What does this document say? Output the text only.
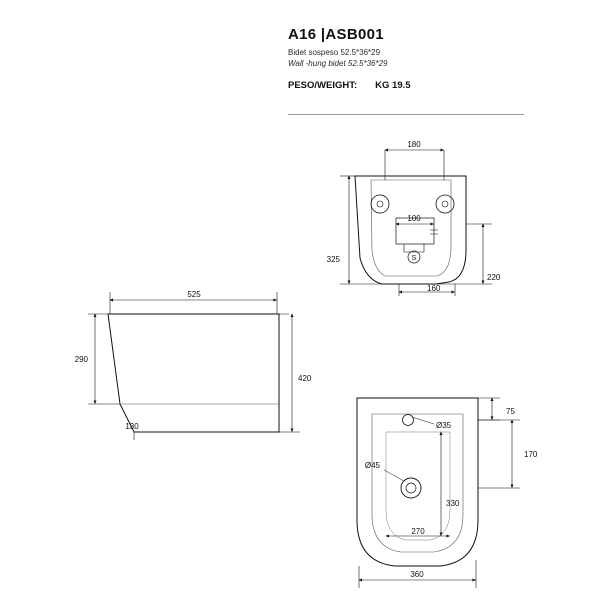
A16 |ASB001
Bidet sospeso 52.5*36*29
Wall -hung bidet 52.5*36*29
PESO/WEIGHT: KG 19.5
180
100
325
220
160
S
525
290
420
130
75
170
Ø35
Ø45
270
330
360
